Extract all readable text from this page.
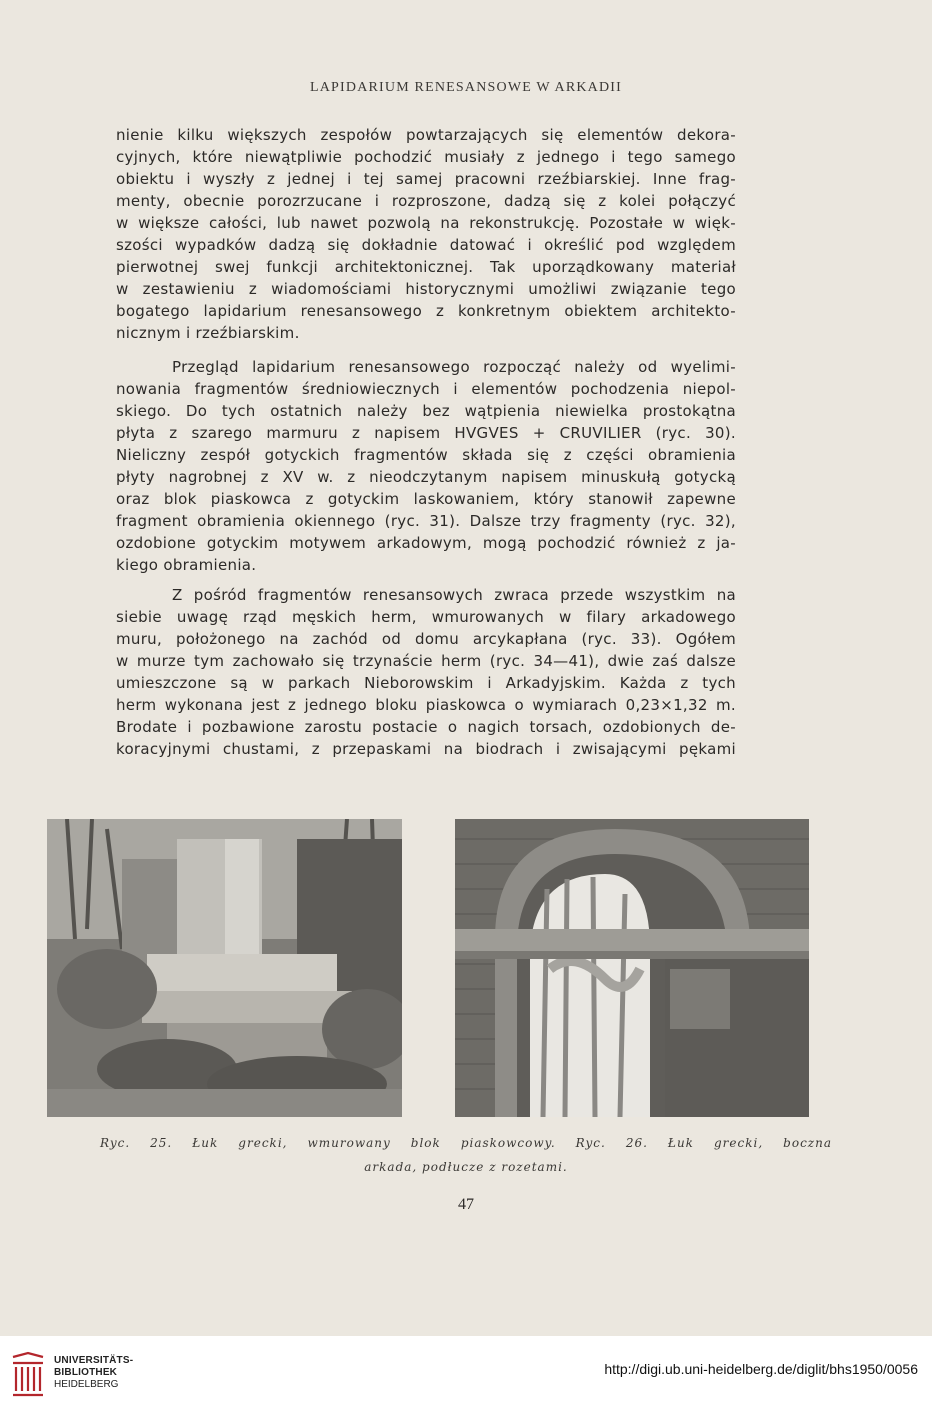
LAPIDARIUM RENESANSOWE W ARKADII
nienie kilku większych zespołów powtarzających się elementów dekora-
cyjnych, które niewątpliwie pochodzić musiały z jednego i tego samego
obiektu i wyszły z jednej i tej samej pracowni rzeźbiarskiej. Inne frag-
menty, obecnie porozrzucane i rozproszone, dadzą się z kolei połączyć
w większe całości, lub nawet pozwolą na rekonstrukcję. Pozostałe w więk-
szości wypadków dadzą się dokładnie datować i określić pod względem
pierwotnej swej funkcji architektonicznej. Tak uporządkowany materiał
w zestawieniu z wiadomościami historycznymi umożliwi związanie tego
bogatego lapidarium renesansowego z konkretnym obiektem architekto-
nicznym i rzeźbiarskim.
Przegląd lapidarium renesansowego rozpocząć należy od wyelimi-
nowania fragmentów średniowiecznych i elementów pochodzenia niepol-
skiego. Do tych ostatnich należy bez wątpienia niewielka prostokątna
płyta z szarego marmuru z napisem HVGVES + CRUVILIER (ryc. 30).
Nieliczny zespół gotyckich fragmentów składa się z części obramienia
płyty nagrobnej z XV w. z nieodczytanym napisem minuskułą gotycką
oraz blok piaskowca z gotyckim laskowaniem, który stanowił zapewne
fragment obramienia okiennego (ryc. 31). Dalsze trzy fragmenty (ryc. 32),
ozdobione gotyckim motywem arkadowym, mogą pochodzić również z ja-
kiego obramienia.
Z pośród fragmentów renesansowych zwraca przede wszystkim na
siebie uwagę rząd męskich herm, wmurowanych w filary arkadowego
muru, położonego na zachód od domu arcykapłana (ryc. 33). Ogółem
w murze tym zachowało się trzynaście herm (ryc. 34—41), dwie zaś dalsze
umieszczone są w parkach Nieborowskim i Arkadyjskim. Każda z tych
herm wykonana jest z jednego bloku piaskowca o wymiarach 0,23×1,32 m.
Brodate i pozbawione zarostu postacie o nagich torsach, ozdobionych de-
koracyjnymi chustami, z przepaskami na biodrach i zwisającymi pękami
Ryc. 25. Łuk grecki, wmurowany blok piaskowcowy. Ryc. 26. Łuk grecki, boczna
arkada, podłucze z rozetami.
47
UNIVERSITÄTS-
BIBLIOTHEK
HEIDELBERG
http://digi.ub.uni-heidelberg.de/diglit/bhs1950/0056
